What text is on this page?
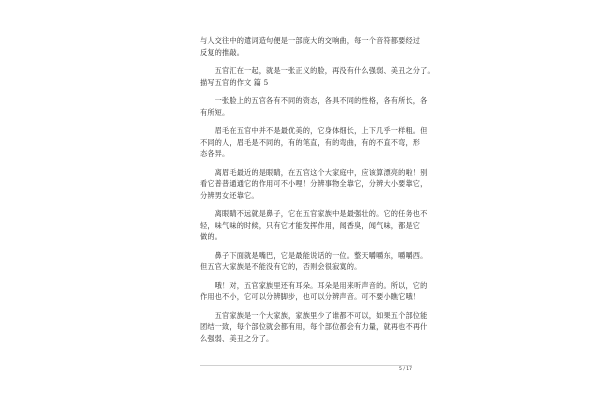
与人交往中的遣词造句便是一部庞大的交响曲，每一个音符都要经过
反复的推敲。
　　五官汇在一起，就是一张正义的脸，再没有什么强弱、美丑之分了。
描写五官的作文 篇 5
　　一张脸上的五官各有不同的资态，各具不同的性格，各有所长，各
有所短。
　　眉毛在五官中并不是最优美的，它身体细长，上下几乎一样粗。但
不同的人，眉毛是不同的，有的笔直，有的弯曲，有的不直不弯，形
态各异。
　　离眉毛最近的是眼睛，在五官这个大家庭中，应该算漂亮的啦！别
看它普普通通它的作用可不小哩！分辨事物全靠它，分辨大小要靠它，
分辨男女还靠它。
　　离眼睛不远就是鼻子，它在五官家族中是最强壮的。它的任务也不
轻，味气味的时候，只有它才能发挥作用，闻香臭，闻气味，都是它
做的。
　　鼻子下面就是嘴巴，它是最能说话的一位。整天嚼嚼东，嚼嚼西。
但五官大家族是不能没有它的，否则会很寂寞的。
　　哦！对，五官家族里还有耳朵。耳朵是用来听声音的。所以，它的
作用也不小，它可以分辨脚步，也可以分辨声音。可不要小瞧它哦！
　　五官家族是一个大家族，家族里少了谁都不可以，如果五个部位能
团结一致，每个部位就会都有用，每个部位都会有力量，就再也不再什
么强弱、美丑之分了。
5 / 17
